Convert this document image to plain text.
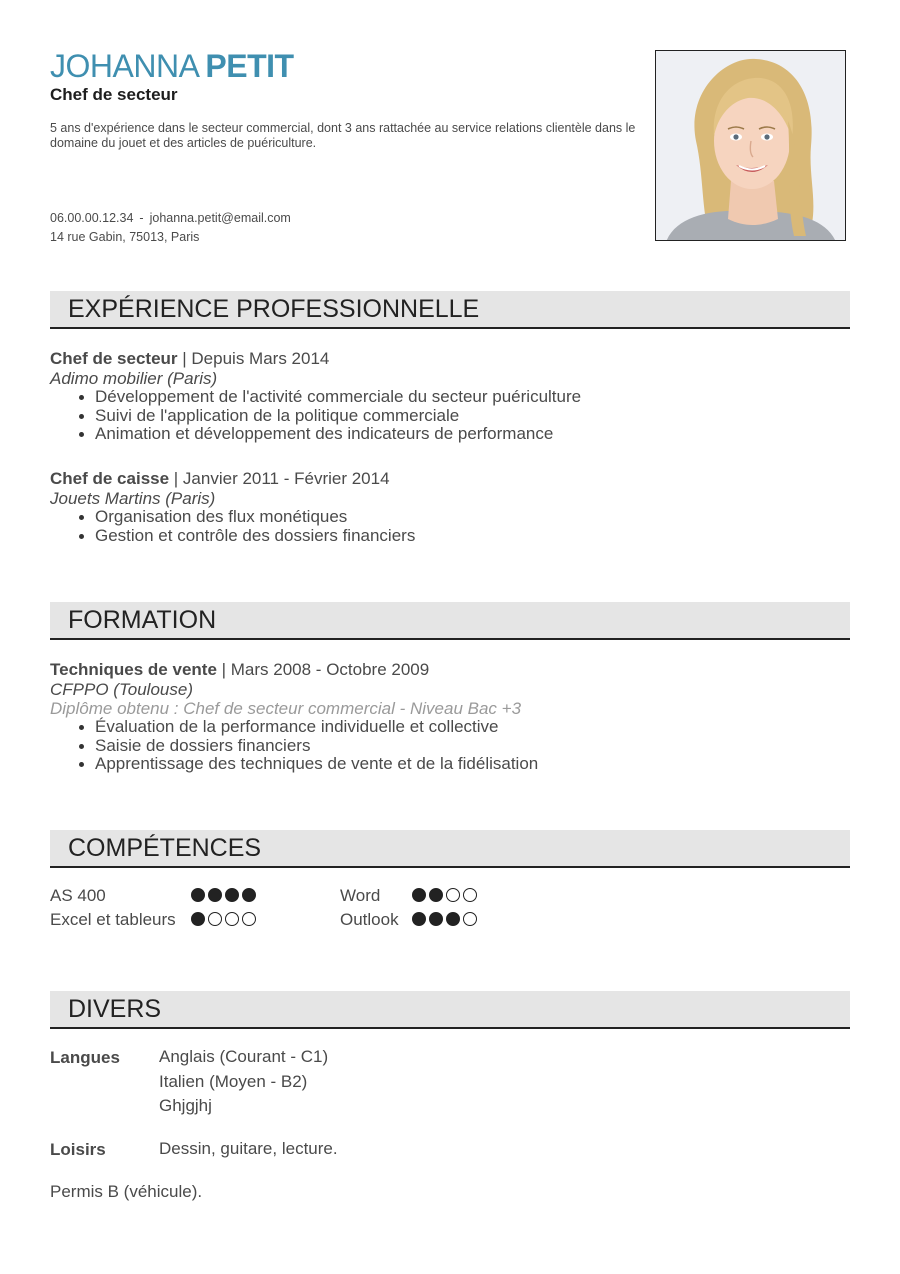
JOHANNA PETIT
Chef de secteur
5 ans d'expérience dans le secteur commercial, dont 3 ans rattachée au service relations clientèle dans le domaine du jouet et des articles de puériculture.
06.00.00.12.34 - johanna.petit@email.com
14 rue Gabin, 75013, Paris
EXPÉRIENCE PROFESSIONNELLE
Chef de secteur | Depuis Mars 2014
Adimo mobilier (Paris)
Développement de l'activité commerciale du secteur puériculture
Suivi de l'application de la politique commerciale
Animation et développement des indicateurs de performance
Chef de caisse | Janvier 2011 - Février 2014
Jouets Martins (Paris)
Organisation des flux monétiques
Gestion et contrôle des dossiers financiers
FORMATION
Techniques de vente | Mars 2008 - Octobre 2009
CFPPO (Toulouse)
Diplôme obtenu : Chef de secteur commercial - Niveau Bac +3
Évaluation de la performance individuelle et collective
Saisie de dossiers financiers
Apprentissage des techniques de vente et de la fidélisation
COMPÉTENCES
AS 400	Word
Excel et tableurs	Outlook
DIVERS
Langues Anglais (Courant - C1)
Italien (Moyen - B2)
Ghjgjhj
Loisirs	Dessin, guitare, lecture.
Permis B (véhicule).
